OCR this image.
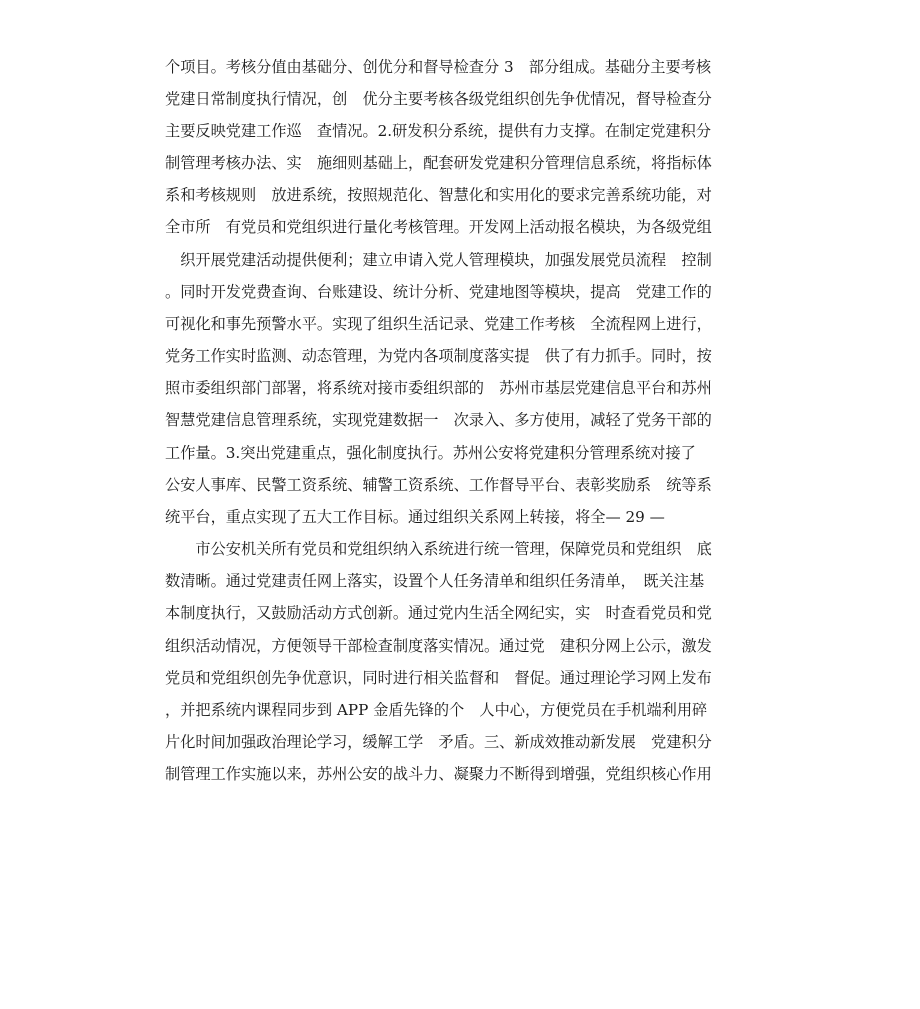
个项目。考核分值由基础分、创优分和督导检查分 3　部分组成。基础分主要考核
党建日常制度执行情况，创　优分主要考核各级党组织创先争优情况，督导检查分
主要反映党建工作巡　查情况。2.研发积分系统，提供有力支撑。在制定党建积分
制管理考核办法、实　施细则基础上，配套研发党建积分管理信息系统，将指标体
系和考核规则　放进系统，按照规范化、智慧化和实用化的要求完善系统功能，对
全市所　有党员和党组织进行量化考核管理。开发网上活动报名模块，为各级党组
　织开展党建活动提供便利；建立申请入党人管理模块，加强发展党员流程　控制
。同时开发党费查询、台账建设、统计分析、党建地图等模块，提高　党建工作的
可视化和事先预警水平。实现了组织生活记录、党建工作考核　全流程网上进行，
党务工作实时监测、动态管理，为党内各项制度落实提　供了有力抓手。同时，按
照市委组织部门部署，将系统对接市委组织部的　苏州市基层党建信息平台和苏州
智慧党建信息管理系统，实现党建数据一　次录入、多方使用，减轻了党务干部的
工作量。3.突出党建重点，强化制度执行。苏州公安将党建积分管理系统对接了
公安人事库、民警工资系统、辅警工资系统、工作督导平台、表彰奖励系　统等系
统平台，重点实现了五大工作目标。通过组织关系网上转接，将全— 29 —
　　市公安机关所有党员和党组织纳入系统进行统一管理，保障党员和党组织　底
数清晰。通过党建责任网上落实，设置个人任务清单和组织任务清单，　既关注基
本制度执行，又鼓励活动方式创新。通过党内生活全网纪实，实　时查看党员和党
组织活动情况，方便领导干部检查制度落实情况。通过党　建积分网上公示，激发
党员和党组织创先争优意识，同时进行相关监督和　督促。通过理论学习网上发布
，并把系统内课程同步到 APP 金盾先锋的个　人中心，方便党员在手机端利用碎
片化时间加强政治理论学习，缓解工学　矛盾。三、新成效推动新发展　党建积分
制管理工作实施以来，苏州公安的战斗力、凝聚力不断得到增强，党组织核心作用
